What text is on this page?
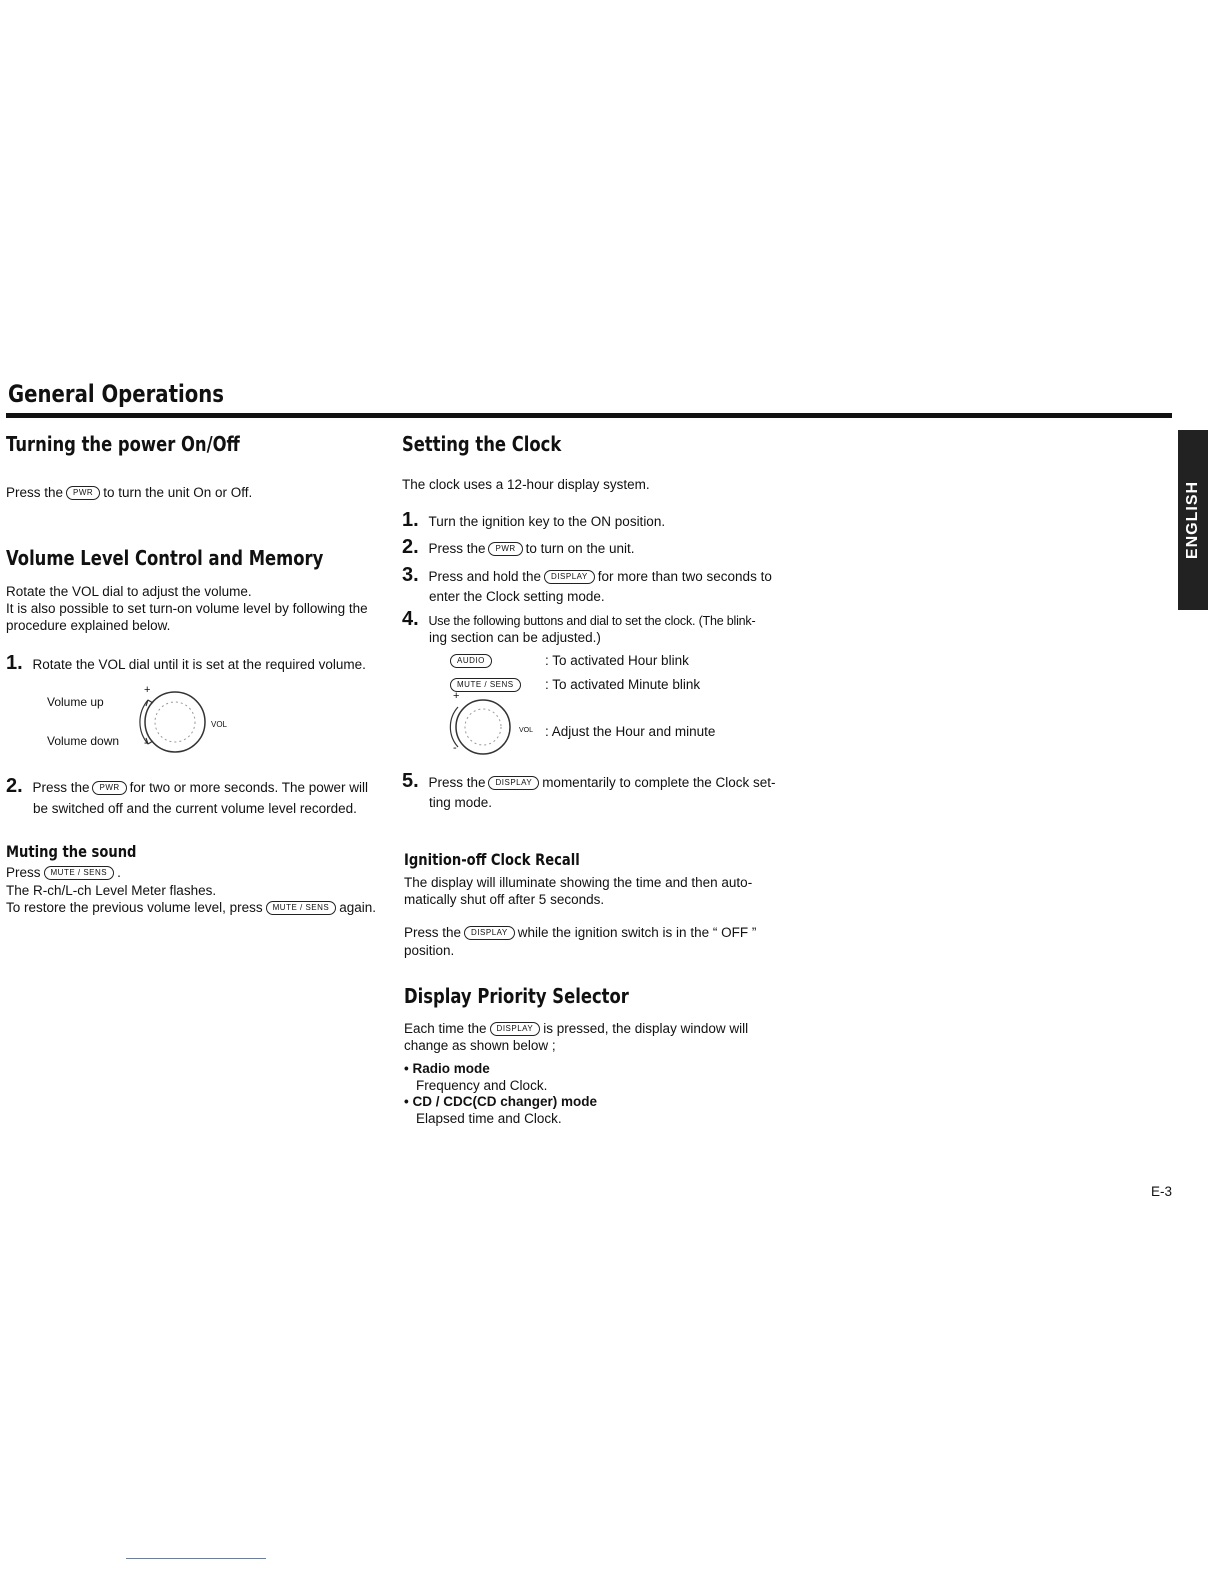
General Operations
ENGLISH
Turning the power On/Off
Press the PWR to turn the unit On or Off.
Volume Level Control and Memory
Rotate the VOL dial to adjust the volume.
It is also possible to set turn-on volume level by following the procedure explained below.
1. Rotate the VOL dial until it is set at the required volume.
Volume up
Volume down
+
-
VOL
2. Press the PWR for two or more seconds. The power will
be switched off and the current volume level recorded.
Muting the sound
Press MUTE / SENS .
The R-ch/L-ch Level Meter flashes.
To restore the previous volume level, press MUTE / SENS again.
Setting the Clock
The clock uses a 12-hour display system.
1. Turn the ignition key to the ON position.
2. Press the PWR to turn on the unit.
3. Press and hold the DISPLAY for more than two seconds to
enter the Clock setting mode.
4. Use the following buttons and dial to set the clock. (The blink-
ing section can be adjusted.)
AUDIO	: To activated Hour blink
MUTE / SENS	: To activated Minute blink
+
-
VOL : Adjust the Hour and minute
5. Press the DISPLAY momentarily to complete the Clock set-
ting mode.
Ignition-off Clock Recall
The display will illuminate showing the time and then auto-
matically shut off after 5 seconds.
Press the DISPLAY while the ignition switch is in the “ OFF ”
position.
Display Priority Selector
Each time the DISPLAY is pressed, the display window will
change as shown below ;
• Radio mode
Frequency and Clock.
• CD / CDC(CD changer) mode
Elapsed time and Clock.
E-3
